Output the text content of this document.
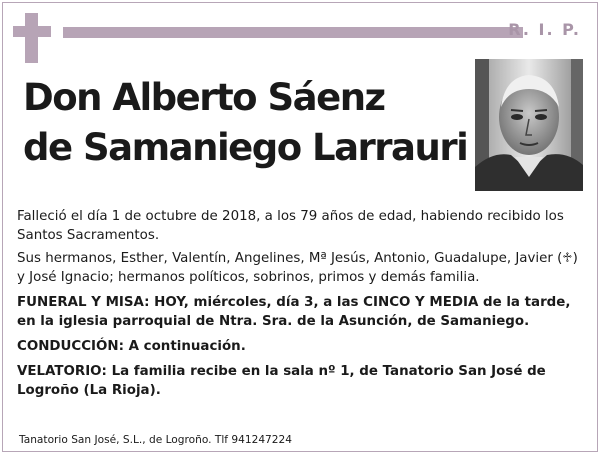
R. I. P.
Don Alberto Sáenz
de Samaniego Larrauri

Falleció el día 1 de octubre de 2018, a los 79 años de edad, habiendo recibido los Santos Sacramentos.

Sus hermanos, Esther, Valentín, Angelines, Mª Jesús, Antonio, Guadalupe, Javier (♱) y José Ignacio; hermanos políticos, sobrinos, primos y demás familia.

FUNERAL Y MISA: HOY, miércoles, día 3, a las CINCO Y MEDIA de la tarde, en la iglesia parroquial de Ntra. Sra. de la Asunción, de Samaniego.

CONDUCCIÓN: A continuación.

VELATORIO: La familia recibe en la sala nº 1, de Tanatorio San José de Logroño (La Rioja).

Tanatorio San José, S.L., de Logroño. Tlf 941247224
